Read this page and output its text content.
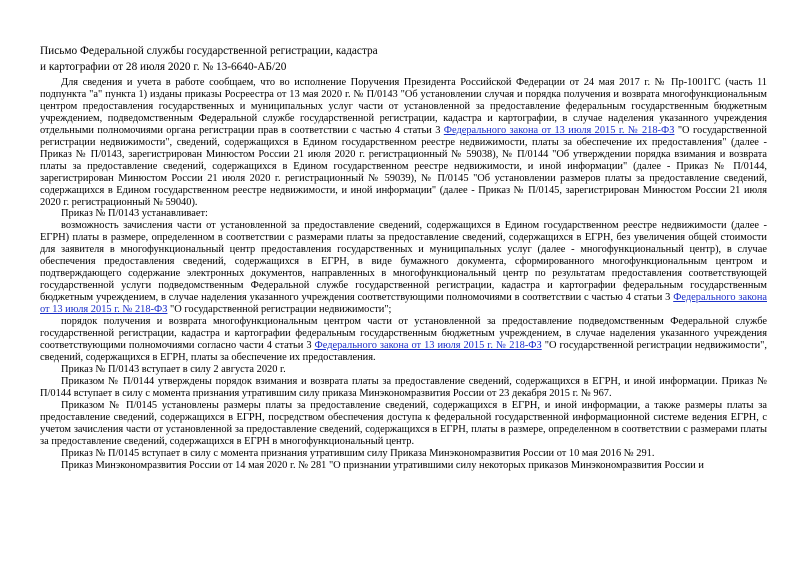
Письмо Федеральной службы государственной регистрации, кадастра
и картографии от 28 июля 2020 г. № 13-6640-АБ/20

Для сведения и учета в работе сообщаем, что во исполнение Поручения Президента Российской Федерации от 24 мая 2017 г. № Пр-1001ГС (часть 11 подпункта "а" пункта 1) изданы приказы Росреестра от 13 мая 2020 г. № П/0143 "Об установлении случая и порядка получения и возврата многофункциональным центром предоставления государственных и муниципальных услуг части от установленной за предоставление федеральным государственным бюджетным учреждением, подведомственным Федеральной службе государственной регистрации, кадастра и картографии, в случае наделения указанного учреждения отдельными полномочиями органа регистрации прав в соответствии с частью 4 статьи 3 Федерального закона от 13 июля 2015 г. № 218-ФЗ "О государственной регистрации недвижимости", сведений, содержащихся в Едином государственном реестре недвижимости, платы за обеспечение их предоставления" (далее - Приказ № П/0143, зарегистрирован Минюстом России 21 июля 2020 г. регистрационный № 59038), № П/0144 "Об утверждении порядка взимания и возврата платы за предоставление сведений, содержащихся в Едином государственном реестре недвижимости, и иной информации" (далее - Приказ № П/0144, зарегистрирован Минюстом России 21 июля 2020 г. регистрационный № 59039), № П/0145 "Об установлении размеров платы за предоставление сведений, содержащихся в Едином государственном реестре недвижимости, и иной информации" (далее - Приказ № П/0145, зарегистрирован Минюстом России 21 июля 2020 г. регистрационный № 59040).

Приказ № П/0143 устанавливает:

возможность зачисления части от установленной за предоставление сведений, содержащихся в Едином государственном реестре недвижимости (далее - ЕГРН) платы в размере, определенном в соответствии с размерами платы за предоставление сведений, содержащихся в ЕГРН, без увеличения общей стоимости для заявителя в многофункциональный центр предоставления государственных и муниципальных услуг (далее - многофункциональный центр), в случае обеспечения предоставления сведений, содержащихся в ЕГРН, в виде бумажного документа, сформированного многофункциональным центром и подтверждающего содержание электронных документов, направленных в многофункциональный центр по результатам предоставления соответствующей государственной услуги подведомственным Федеральной службе государственной регистрации, кадастра и картографии федеральным государственным бюджетным учреждением, в случае наделения указанного учреждения соответствующими полномочиями в соответствии с частью 4 статьи 3 Федерального закона от 13 июля 2015 г. № 218-ФЗ "О государственной регистрации недвижимости";

порядок получения и возврата многофункциональным центром части от установленной за предоставление подведомственным Федеральной службе государственной регистрации, кадастра и картографии федеральным государственным бюджетным учреждением, в случае наделения указанного учреждения соответствующими полномочиями согласно части 4 статьи 3 Федерального закона от 13 июля 2015 г. № 218-ФЗ "О государственной регистрации недвижимости", сведений, содержащихся в ЕГРН, платы за обеспечение их предоставления.

Приказ № П/0143 вступает в силу 2 августа 2020 г.

Приказом № П/0144 утверждены порядок взимания и возврата платы за предоставление сведений, содержащихся в ЕГРН, и иной информации. Приказ № П/0144 вступает в силу с момента признания утратившим силу приказа Минэкономразвития России от 23 декабря 2015 г. № 967.

Приказом № П/0145 установлены размеры платы за предоставление сведений, содержащихся в ЕГРН, и иной информации, а также размеры платы за предоставление сведений, содержащихся в ЕГРН, посредством обеспечения доступа к федеральной государственной информационной системе ведения ЕГРН, с учетом зачисления части от установленной за предоставление сведений, содержащихся в ЕГРН, платы в размере, определенном в соответствии с размерами платы за предоставление сведений, содержащихся в ЕГРН в многофункциональный центр.

Приказ № П/0145 вступает в силу с момента признания утратившим силу Приказа Минэкономразвития России от 10 мая 2016 № 291.

Приказ Минэкономразвития России от 14 мая 2020 г. № 281 "О признании утратившими силу некоторых приказов Минэкономразвития России и
